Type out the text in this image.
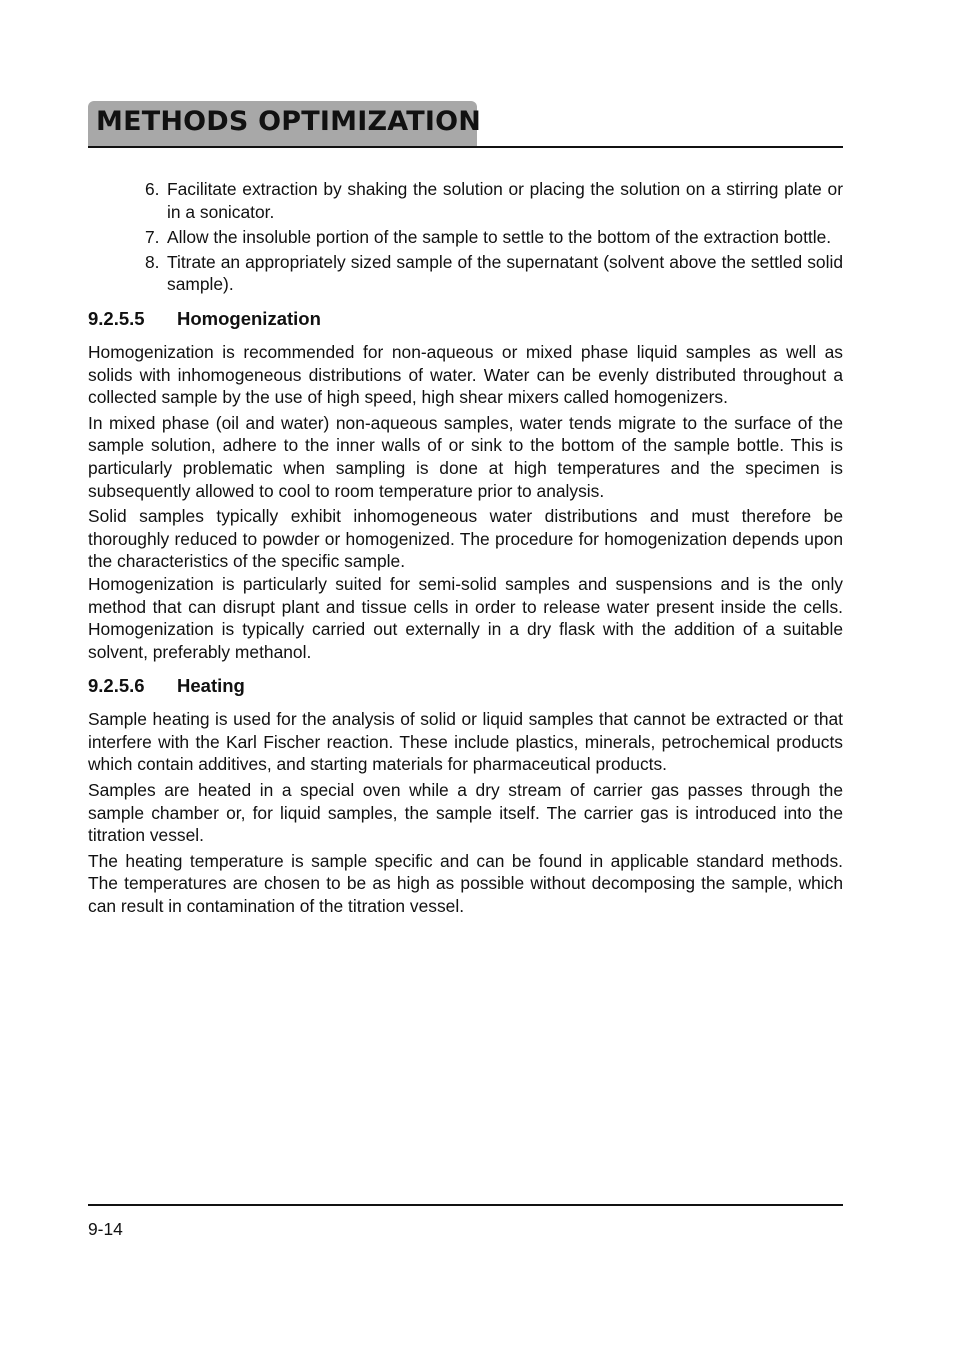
METHODS OPTIMIZATION
6. Facilitate extraction by shaking the solution or placing the solution on a stirring plate or in a sonicator.
7. Allow the insoluble portion of the sample to settle to the bottom of the extraction bottle.
8. Titrate an appropriately sized sample of the supernatant (solvent above the settled solid sample).
9.2.5.5 Homogenization

Homogenization is recommended for non-aqueous or mixed phase liquid samples as well as solids with inhomogeneous distributions of water. Water can be evenly distributed throughout a collected sample by the use of high speed, high shear mixers called homogenizers.

In mixed phase (oil and water) non-aqueous samples, water tends migrate to the surface of the sample solution, adhere to the inner walls of or sink to the bottom of the sample bottle. This is particularly problematic when sampling is done at high temperatures and the specimen is subsequently allowed to cool to room temperature prior to analysis.

Solid samples typically exhibit inhomogeneous water distributions and must therefore be thoroughly reduced to powder or homogenized. The procedure for homogenization depends upon the characteristics of the specific sample.

Homogenization is particularly suited for semi-solid samples and suspensions and is the only method that can disrupt plant and tissue cells in order to release water present inside the cells. Homogenization is typically carried out externally in a dry flask with the addition of a suitable solvent, preferably methanol.

9.2.5.6 Heating

Sample heating is used for the analysis of solid or liquid samples that cannot be extracted or that interfere with the Karl Fischer reaction. These include plastics, minerals, petrochemical products which contain additives, and starting materials for pharmaceutical products.

Samples are heated in a special oven while a dry stream of carrier gas passes through the sample chamber or, for liquid samples, the sample itself. The carrier gas is introduced into the titration vessel.

The heating temperature is sample specific and can be found in applicable standard methods. The temperatures are chosen to be as high as possible without decomposing the sample, which can result in contamination of the titration vessel.

9-14
